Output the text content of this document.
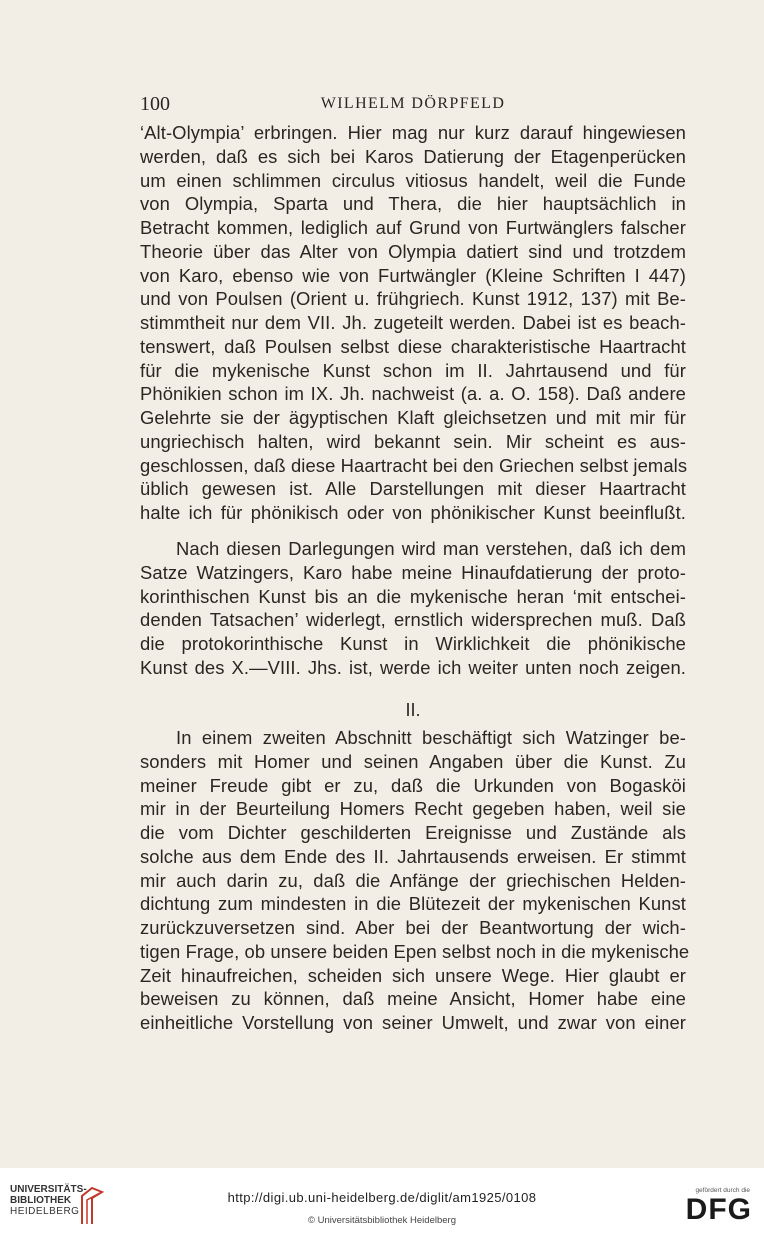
100	WILHELM DÖRPFELD
‘Alt-Olympia’ erbringen. Hier mag nur kurz darauf hingewiesen
werden, daß es sich bei Karos Datierung der Etagenperücken
um einen schlimmen circulus vitiosus handelt, weil die Funde
von Olympia, Sparta und Thera, die hier hauptsächlich in
Betracht kommen, lediglich auf Grund von Furtwänglers falscher
Theorie über das Alter von Olympia datiert sind und trotzdem
von Karo, ebenso wie von Furtwängler (Kleine Schriften I 447)
und von Poulsen (Orient u. frühgriech. Kunst 1912, 137) mit Be-
stimmtheit nur dem VII. Jh. zugeteilt werden. Dabei ist es beach-
tenswert, daß Poulsen selbst diese charakteristische Haartracht
für die mykenische Kunst schon im II. Jahrtausend und für
Phönikien schon im IX. Jh. nachweist (a. a. O. 158). Daß andere
Gelehrte sie der ägyptischen Klaft gleichsetzen und mit mir für
ungriechisch halten, wird bekannt sein. Mir scheint es aus-
geschlossen, daß diese Haartracht bei den Griechen selbst jemals
üblich gewesen ist. Alle Darstellungen mit dieser Haartracht
halte ich für phönikisch oder von phönikischer Kunst beeinflußt.
Nach diesen Darlegungen wird man verstehen, daß ich dem
Satze Watzingers, Karo habe meine Hinaufdatierung der proto-
korinthischen Kunst bis an die mykenische heran ‘mit entschei-
denden Tatsachen’ widerlegt, ernstlich widersprechen muß. Daß
die protokorinthische Kunst in Wirklichkeit die phönikische
Kunst des X.—VIII. Jhs. ist, werde ich weiter unten noch zeigen.
II.
In einem zweiten Abschnitt beschäftigt sich Watzinger be-
sonders mit Homer und seinen Angaben über die Kunst. Zu
meiner Freude gibt er zu, daß die Urkunden von Bogasköi
mir in der Beurteilung Homers Recht gegeben haben, weil sie
die vom Dichter geschilderten Ereignisse und Zustände als
solche aus dem Ende des II. Jahrtausends erweisen. Er stimmt
mir auch darin zu, daß die Anfänge der griechischen Helden-
dichtung zum mindesten in die Blütezeit der mykenischen Kunst
zurückzuversetzen sind. Aber bei der Beantwortung der wich-
tigen Frage, ob unsere beiden Epen selbst noch in die mykenische
Zeit hinaufreichen, scheiden sich unsere Wege. Hier glaubt er
beweisen zu können, daß meine Ansicht, Homer habe eine
einheitliche Vorstellung von seiner Umwelt, und zwar von einer
UNIVERSITÄTS-
BIBLIOTHEK
HEIDELBERG
http://digi.ub.uni-heidelberg.de/diglit/am1925/0108
© Universitätsbibliothek Heidelberg
gefördert durch die
DFG
